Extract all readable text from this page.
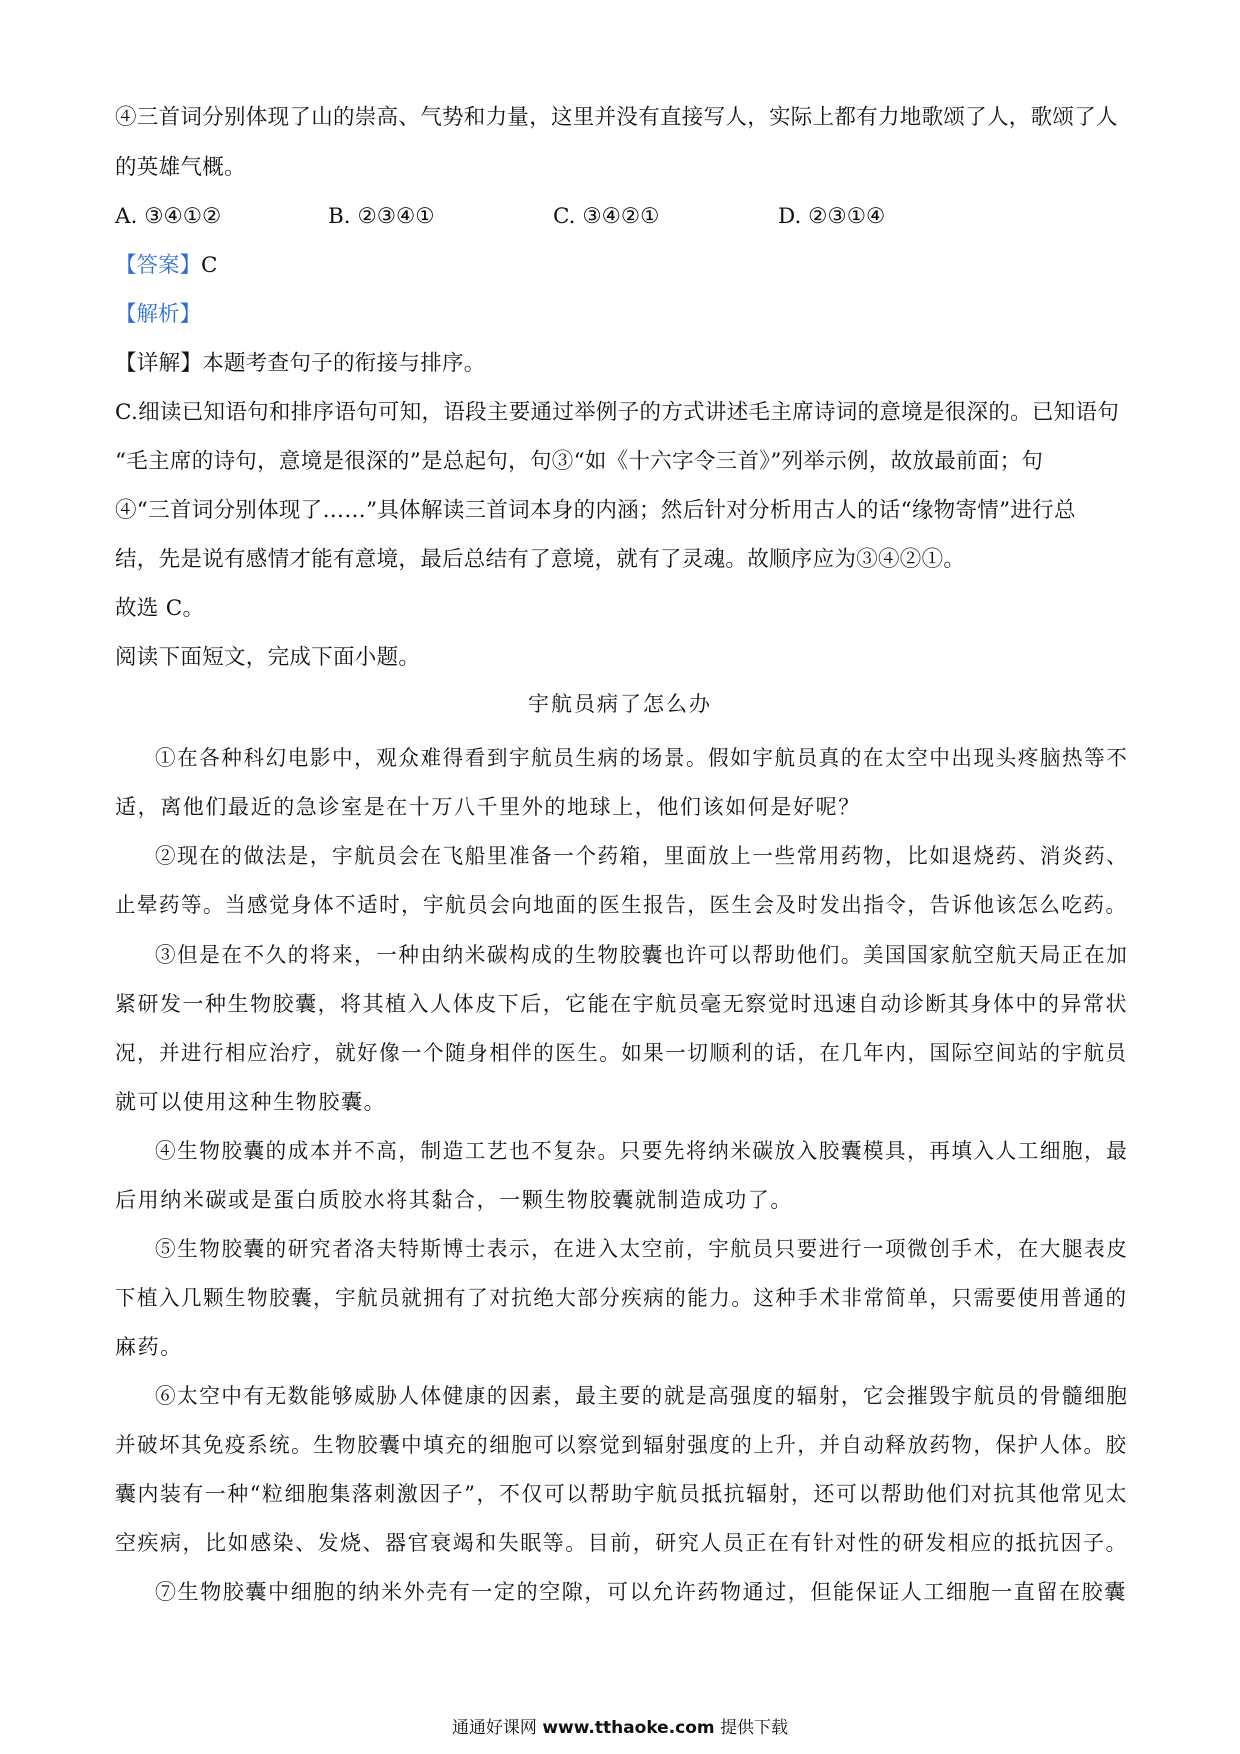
④三首词分别体现了山的崇高、气势和力量，这里并没有直接写人，实际上都有力地歌颂了人，歌颂了人
的英雄气概。
A. ③④①②	B. ②③④①	C. ③④②①	D. ②③①④
【答案】C
【解析】
【详解】本题考查句子的衔接与排序。
C.细读已知语句和排序语句可知，语段主要通过举例子的方式讲述毛主席诗词的意境是很深的。已知语句
“毛主席的诗句，意境是很深的”是总起句，句③“如《十六字令三首》”列举示例，故放最前面；句
④“三首词分别体现了……”具体解读三首词本身的内涵；然后针对分析用古人的话“缘物寄情”进行总
结，先是说有感情才能有意境，最后总结有了意境，就有了灵魂。故顺序应为③④②①。
故选 C。
阅读下面短文，完成下面小题。
宇航员病了怎么办
①在各种科幻电影中，观众难得看到宇航员生病的场景。假如宇航员真的在太空中出现头疼脑热等不
适，离他们最近的急诊室是在十万八千里外的地球上，他们该如何是好呢？
②现在的做法是，宇航员会在飞船里准备一个药箱，里面放上一些常用药物，比如退烧药、消炎药、
止晕药等。当感觉身体不适时，宇航员会向地面的医生报告，医生会及时发出指令，告诉他该怎么吃药。
③但是在不久的将来，一种由纳米碳构成的生物胶囊也许可以帮助他们。美国国家航空航天局正在加
紧研发一种生物胶囊，将其植入人体皮下后，它能在宇航员毫无察觉时迅速自动诊断其身体中的异常状
况，并进行相应治疗，就好像一个随身相伴的医生。如果一切顺利的话，在几年内，国际空间站的宇航员
就可以使用这种生物胶囊。
④生物胶囊的成本并不高，制造工艺也不复杂。只要先将纳米碳放入胶囊模具，再填入人工细胞，最
后用纳米碳或是蛋白质胶水将其黏合，一颗生物胶囊就制造成功了。
⑤生物胶囊的研究者洛夫特斯博士表示，在进入太空前，宇航员只要进行一项微创手术，在大腿表皮
下植入几颗生物胶囊，宇航员就拥有了对抗绝大部分疾病的能力。这种手术非常简单，只需要使用普通的
麻药。
⑥太空中有无数能够威胁人体健康的因素，最主要的就是高强度的辐射，它会摧毁宇航员的骨髓细胞
并破坏其免疫系统。生物胶囊中填充的细胞可以察觉到辐射强度的上升，并自动释放药物，保护人体。胶
囊内装有一种“粒细胞集落刺激因子”，不仅可以帮助宇航员抵抗辐射，还可以帮助他们对抗其他常见太
空疾病，比如感染、发烧、器官衰竭和失眠等。目前，研究人员正在有针对性的研发相应的抵抗因子。
⑦生物胶囊中细胞的纳米外壳有一定的空隙，可以允许药物通过，但能保证人工细胞一直留在胶囊
通通好课网 www.tthaoke.com 提供下载
